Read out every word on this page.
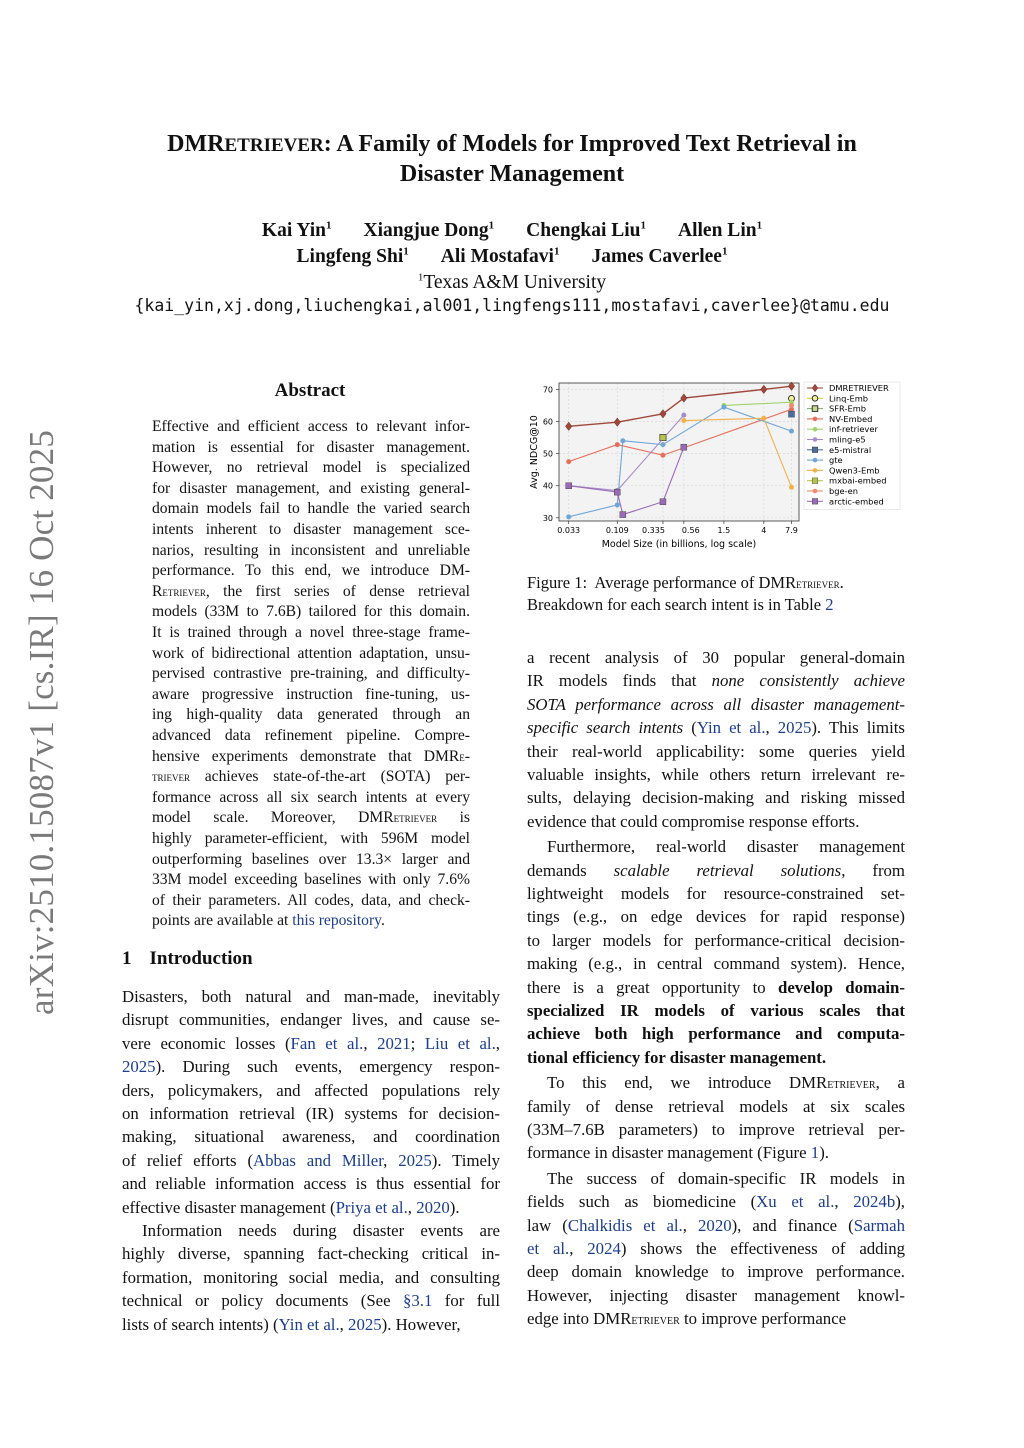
arXiv:2510.15087v1 [cs.IR] 16 Oct 2025
DMRETRIEVER: A Family of Models for Improved Text Retrieval in
Disaster Management
Kai Yin$^1$ Xiangjue Dong$^1$ Chengkai Liu$^1$ Allen Lin$^1$
Lingfeng Shi$^1$ Ali Mostafavi$^1$ James Caverlee$^1$
$^1$Texas A&M University
{kai_yin,xj.dong,liuchengkai,al001,lingfengs111,mostafavi,caverlee}@tamu.edu
Abstract
Effective and efficient access to relevant infor-
mation is essential for disaster management.
However, no retrieval model is specialized
for disaster management, and existing general-
domain models fail to handle the varied search
intents inherent to disaster management sce-
narios, resulting in inconsistent and unreliable
performance. To this end, we introduce DM-
Retriever, the first series of dense retrieval
models (33M to 7.6B) tailored for this domain.
It is trained through a novel three-stage frame-
work of bidirectional attention adaptation, unsu-
pervised contrastive pre-training, and difficulty-
aware progressive instruction fine-tuning, us-
ing high-quality data generated through an
advanced data refinement pipeline. Compre-
hensive experiments demonstrate that DMRe-
triever achieves state-of-the-art (SOTA) per-
formance across all six search intents at every
model scale. Moreover, DMRetriever is
highly parameter-efficient, with 596M model
outperforming baselines over 13.3× larger and
33M model exceeding baselines with only 7.6%
of their parameters. All codes, data, and check-
points are available at this repository.
1 Introduction
Disasters, both natural and man-made, inevitably
disrupt communities, endanger lives, and cause se-
vere economic losses (Fan et al., 2021; Liu et al.,
2025). During such events, emergency respon-
ders, policymakers, and affected populations rely
on information retrieval (IR) systems for decision-
making, situational awareness, and coordination
of relief efforts (Abbas and Miller, 2025). Timely
and reliable information access is thus essential for
effective disaster management (Priya et al., 2020).
Information needs during disaster events are
highly diverse, spanning fact-checking critical in-
formation, monitoring social media, and consulting
technical or policy documents (See §3.1 for full
lists of search intents) (Yin et al., 2025). However,
30
40
50
60
70
0.033	0.109 0.335 0.56 1.5	4 7.9
Model Size (in billions, log scale)
Avg. NDCG@10
DMRETRIEVER
Linq-Emb
SFR-Emb
NV-Embed
inf-retriever
mling-e5
e5-mistral
gte
Qwen3-Emb
mxbai-embed
bge-en
arctic-embed
Figure 1:  Average performance of DMRetriever.
Breakdown for each search intent is in Table 2
a recent analysis of 30 popular general-domain
IR models finds that none consistently achieve
SOTA performance across all disaster management-
specific search intents (Yin et al., 2025). This limits
their real-world applicability: some queries yield
valuable insights, while others return irrelevant re-
sults, delaying decision-making and risking missed
evidence that could compromise response efforts.
Furthermore, real-world disaster management
demands scalable retrieval solutions, from
lightweight models for resource-constrained set-
tings (e.g., on edge devices for rapid response)
to larger models for performance-critical decision-
making (e.g., in central command system). Hence,
there is a great opportunity to develop domain-
specialized IR models of various scales that
achieve both high performance and computa-
tional efficiency for disaster management.
To this end, we introduce DMRetriever, a
family of dense retrieval models at six scales
(33M–7.6B parameters) to improve retrieval per-
formance in disaster management (Figure 1).
The success of domain-specific IR models in
fields such as biomedicine (Xu et al., 2024b),
law (Chalkidis et al., 2020), and finance (Sarmah
et al., 2024) shows the effectiveness of adding
deep domain knowledge to improve performance.
However, injecting disaster management knowl-
edge into DMRetriever to improve performance
